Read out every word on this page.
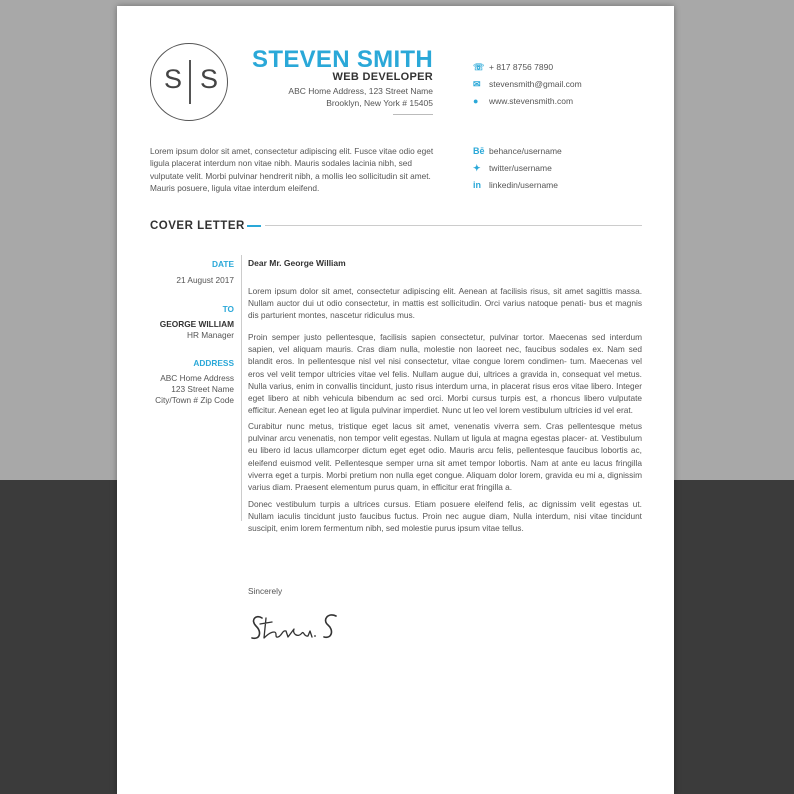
S S
STEVEN SMITH
WEB DEVELOPER
ABC Home Address, 123 Street Name
Brooklyn, New York # 15405
☏ + 817 8756 7890
✉ stevensmith@gmail.com
● www.stevensmith.com
Lorem ipsum dolor sit amet, consectetur adipiscing elit. Fusce vitae odio eget ligula placerat interdum non vitae nibh. Mauris sodales lacinia nibh, sed vulputate velit. Morbi pulvinar hendrerit nibh, a mollis leo sollicitudin sit amet. Mauris posuere, ligula vitae interdum eleifend.
Bē behance/username
✦ twitter/username
in linkedin/username
COVER LETTER
DATE
21 August 2017
TO
GEORGE WILLIAM
HR Manager
ADDRESS
ABC Home Address
123 Street Name
City/Town # Zip Code
Dear Mr. George William
Lorem ipsum dolor sit amet, consectetur adipiscing elit. Aenean at facilisis risus, sit amet sagittis massa. Nullam auctor dui ut odio consectetur, in mattis est sollicitudin. Orci varius natoque penati- bus et magnis dis parturient montes, nascetur ridiculus mus.
Proin semper justo pellentesque, facilisis sapien consectetur, pulvinar tortor. Maecenas sed interdum sapien, vel aliquam mauris. Cras diam nulla, molestie non laoreet nec, faucibus sodales ex. Nam sed blandit eros. In pellentesque nisl vel nisi consectetur, vitae congue lorem condimen- tum. Maecenas vel eros vel velit tempor ultricies vitae vel felis. Nullam augue dui, ultrices a gravida in, consequat vel metus. Nulla varius, enim in convallis tincidunt, justo risus interdum urna, in placerat risus eros vitae libero. Integer eget libero at nibh vehicula bibendum ac sed orci. Morbi cursus turpis est, a rhoncus libero vulputate efficitur. Aenean eget leo at ligula pulvinar imperdiet. Nunc ut leo vel lorem vestibulum ultricies id vel erat.
Curabitur nunc metus, tristique eget lacus sit amet, venenatis viverra sem. Cras pellentesque metus pulvinar arcu venenatis, non tempor velit egestas. Nullam ut ligula at magna egestas placer- at. Vestibulum eu libero id lacus ullamcorper dictum eget eget odio. Mauris arcu felis, pellentesque faucibus lobortis ac, eleifend euismod velit. Pellentesque semper urna sit amet tempor lobortis. Nam at ante eu lacus fringilla viverra eget a turpis. Morbi pretium non nulla eget congue. Aliquam dolor lorem, gravida eu mi a, dignissim varius diam. Praesent elementum purus quam, in efficitur erat fringilla a.
Donec vestibulum turpis a ultrices cursus. Etiam posuere eleifend felis, ac dignissim velit egestas ut. Nullam iaculis tincidunt justo faucibus fuctus. Proin nec augue diam, Nulla interdum, nisi vitae tincidunt suscipit, enim lorem fermentum nibh, sed molestie purus ipsum vitae tellus.
Sincerely
